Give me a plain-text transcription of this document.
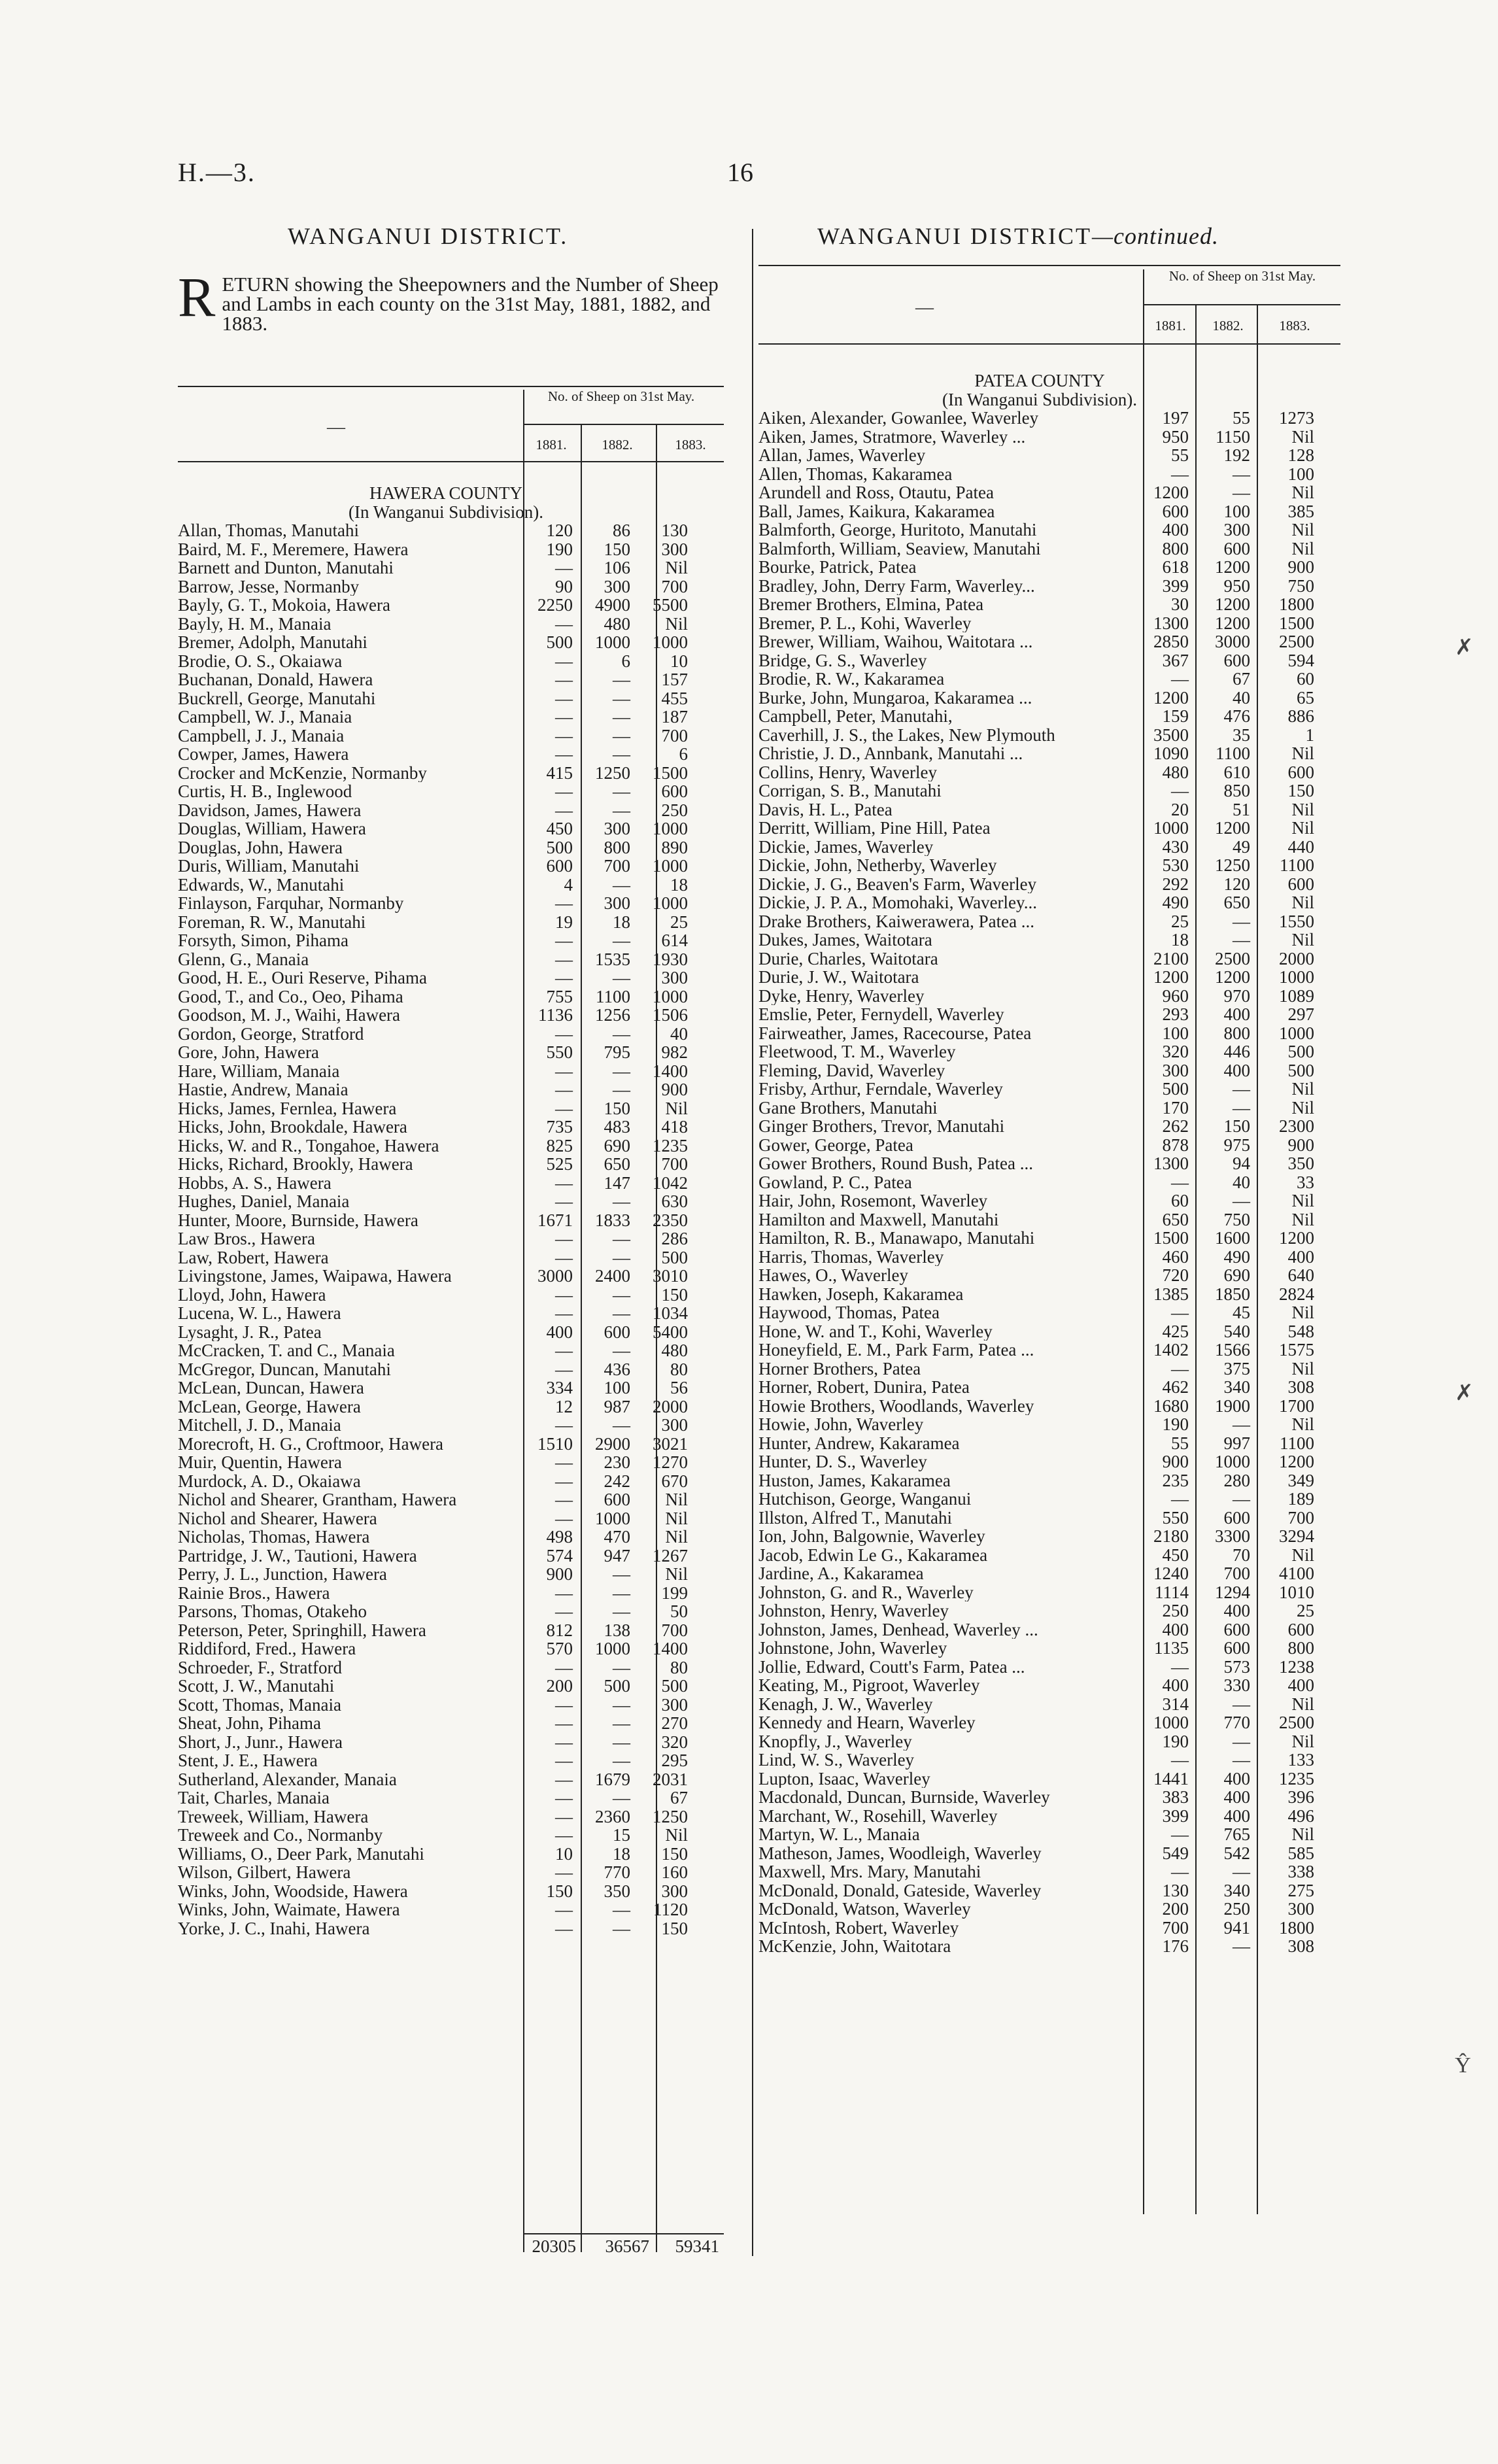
H.—3.	16
WANGANUI DISTRICT.	WANGANUI DISTRICT—continued.
RETURN showing the Sheepowners and the Number of Sheep and Lambs in each county on the 31st May, 1881, 1882, and 1883.
No. of Sheep on 31st May.
1881.	1882.	1883.
—
HAWERA COUNTY
(In Wanganui Subdivision).
Allan, Thomas, Manutahi	120	86	130
Baird, M. F., Meremere, Hawera	190	150	300
Barnett and Dunton, Manutahi	—	106	Nil
Barrow, Jesse, Normanby	90	300	700
Bayly, G. T., Mokoia, Hawera	2250	4900	5500
Bayly, H. M., Manaia	—	480	Nil
Bremer, Adolph, Manutahi	500	1000	1000
Brodie, O. S., Okaiawa	—	6	10
Buchanan, Donald, Hawera	—	—	157
Buckrell, George, Manutahi	—	—	455
Campbell, W. J., Manaia	—	—	187
Campbell, J. J., Manaia	—	—	700
Cowper, James, Hawera	—	—	6
Crocker and McKenzie, Normanby	415	1250	1500
Curtis, H. B., Inglewood	—	—	600
Davidson, James, Hawera	—	—	250
Douglas, William, Hawera	450	300	1000
Douglas, John, Hawera	500	800	890
Duris, William, Manutahi	600	700	1000
Edwards, W., Manutahi	4	—	18
Finlayson, Farquhar, Normanby	—	300	1000
Foreman, R. W., Manutahi	19	18	25
Forsyth, Simon, Pihama	—	—	614
Glenn, G., Manaia	—	1535	1930
Good, H. E., Ouri Reserve, Pihama	—	—	300
Good, T., and Co., Oeo, Pihama	755	1100	1000
Goodson, M. J., Waihi, Hawera	1136	1256	1506
Gordon, George, Stratford	—	—	40
Gore, John, Hawera	550	795	982
Hare, William, Manaia	—	—	1400
Hastie, Andrew, Manaia	—	—	900
Hicks, James, Fernlea, Hawera	—	150	Nil
Hicks, John, Brookdale, Hawera	735	483	418
Hicks, W. and R., Tongahoe, Hawera	825	690	1235
Hicks, Richard, Brookly, Hawera	525	650	700
Hobbs, A. S., Hawera	—	147	1042
Hughes, Daniel, Manaia	—	—	630
Hunter, Moore, Burnside, Hawera	1671	1833	2350
Law Bros., Hawera	—	—	286
Law, Robert, Hawera	—	—	500
Livingstone, James, Waipawa, Hawera	3000	2400	3010
Lloyd, John, Hawera	—	—	150
Lucena, W. L., Hawera	—	—	1034
Lysaght, J. R., Patea	400	600	5400
McCracken, T. and C., Manaia	—	—	480
McGregor, Duncan, Manutahi	—	436	80
McLean, Duncan, Hawera	334	100	56
McLean, George, Hawera	12	987	2000
Mitchell, J. D., Manaia	—	—	300
Morecroft, H. G., Croftmoor, Hawera	1510	2900	3021
Muir, Quentin, Hawera	—	230	1270
Murdock, A. D., Okaiawa	—	242	670
Nichol and Shearer, Grantham, Hawera	—	600	Nil
Nichol and Shearer, Hawera	—	1000	Nil
Nicholas, Thomas, Hawera	498	470	Nil
Partridge, J. W., Tautioni, Hawera	574	947	1267
Perry, J. L., Junction, Hawera	900	—	Nil
Rainie Bros., Hawera	—	—	199
Parsons, Thomas, Otakeho	—	—	50
Peterson, Peter, Springhill, Hawera	812	138	700
Riddiford, Fred., Hawera	570	1000	1400
Schroeder, F., Stratford	—	—	80
Scott, J. W., Manutahi	200	500	500
Scott, Thomas, Manaia	—	—	300
Sheat, John, Pihama	—	—	270
Short, J., Junr., Hawera	—	—	320
Stent, J. E., Hawera	—	—	295
Sutherland, Alexander, Manaia	—	1679	2031
Tait, Charles, Manaia	—	—	67
Treweek, William, Hawera	—	2360	1250
Treweek and Co., Normanby	—	15	Nil
Williams, O., Deer Park, Manutahi	10	18	150
Wilson, Gilbert, Hawera	—	770	160
Winks, John, Woodside, Hawera	150	350	300
Winks, John, Waimate, Hawera	—	—	1120
Yorke, J. C., Inahi, Hawera	—	—	150
20305	36567	59341
No. of Sheep on 31st May.
1881.	1882.	1883.
—
PATEA COUNTY
(In Wanganui Subdivision).
Aiken, Alexander, Gowanlee, Waverley	197	55	1273
Aiken, James, Stratmore, Waverley ...	950	1150	Nil
Allan, James, Waverley	55	192	128
Allen, Thomas, Kakaramea	—	—	100
Arundell and Ross, Otautu, Patea	1200	—	Nil
Ball, James, Kaikura, Kakaramea	600	100	385
Balmforth, George, Huritoto, Manutahi	400	300	Nil
Balmforth, William, Seaview, Manutahi	800	600	Nil
Bourke, Patrick, Patea	618	1200	900
Bradley, John, Derry Farm, Waverley...	399	950	750
Bremer Brothers, Elmina, Patea	30	1200	1800
Bremer, P. L., Kohi, Waverley	1300	1200	1500
Brewer, William, Waihou, Waitotara ...	2850	3000	2500
Bridge, G. S., Waverley	367	600	594
Brodie, R. W., Kakaramea	—	67	60
Burke, John, Mungaroa, Kakaramea ...	1200	40	65
Campbell, Peter, Manutahi,	159	476	886
Caverhill, J. S., the Lakes, New Plymouth	3500	35	1
Christie, J. D., Annbank, Manutahi ...	1090	1100	Nil
Collins, Henry, Waverley	480	610	600
Corrigan, S. B., Manutahi	—	850	150
Davis, H. L., Patea	20	51	Nil
Derritt, William, Pine Hill, Patea	1000	1200	Nil
Dickie, James, Waverley	430	49	440
Dickie, John, Netherby, Waverley	530	1250	1100
Dickie, J. G., Beaven's Farm, Waverley	292	120	600
Dickie, J. P. A., Momohaki, Waverley...	490	650	Nil
Drake Brothers, Kaiwerawera, Patea ...	25	—	1550
Dukes, James, Waitotara	18	—	Nil
Durie, Charles, Waitotara	2100	2500	2000
Durie, J. W., Waitotara	1200	1200	1000
Dyke, Henry, Waverley	960	970	1089
Emslie, Peter, Fernydell, Waverley	293	400	297
Fairweather, James, Racecourse, Patea	100	800	1000
Fleetwood, T. M., Waverley	320	446	500
Fleming, David, Waverley	300	400	500
Frisby, Arthur, Ferndale, Waverley	500	—	Nil
Gane Brothers, Manutahi	170	—	Nil
Ginger Brothers, Trevor, Manutahi	262	150	2300
Gower, George, Patea	878	975	900
Gower Brothers, Round Bush, Patea ...	1300	94	350
Gowland, P. C., Patea	—	40	33
Hair, John, Rosemont, Waverley	60	—	Nil
Hamilton and Maxwell, Manutahi	650	750	Nil
Hamilton, R. B., Manawapo, Manutahi	1500	1600	1200
Harris, Thomas, Waverley	460	490	400
Hawes, O., Waverley	720	690	640
Hawken, Joseph, Kakaramea	1385	1850	2824
Haywood, Thomas, Patea	—	45	Nil
Hone, W. and T., Kohi, Waverley	425	540	548
Honeyfield, E. M., Park Farm, Patea ...	1402	1566	1575
Horner Brothers, Patea	—	375	Nil
Horner, Robert, Dunira, Patea	462	340	308
Howie Brothers, Woodlands, Waverley	1680	1900	1700
Howie, John, Waverley	190	—	Nil
Hunter, Andrew, Kakaramea	55	997	1100
Hunter, D. S., Waverley	900	1000	1200
Huston, James, Kakaramea	235	280	349
Hutchison, George, Wanganui	—	—	189
Illston, Alfred T., Manutahi	550	600	700
Ion, John, Balgownie, Waverley	2180	3300	3294
Jacob, Edwin Le G., Kakaramea	450	70	Nil
Jardine, A., Kakaramea	1240	700	4100
Johnston, G. and R., Waverley	1114	1294	1010
Johnston, Henry, Waverley	250	400	25
Johnston, James, Denhead, Waverley ...	400	600	600
Johnstone, John, Waverley	1135	600	800
Jollie, Edward, Coutt's Farm, Patea ...	—	573	1238
Keating, M., Pigroot, Waverley	400	330	400
Kenagh, J. W., Waverley	314	—	Nil
Kennedy and Hearn, Waverley	1000	770	2500
Knopfly, J., Waverley	190	—	Nil
Lind, W. S., Waverley	—	—	133
Lupton, Isaac, Waverley	1441	400	1235
Macdonald, Duncan, Burnside, Waverley	383	400	396
Marchant, W., Rosehill, Waverley	399	400	496
Martyn, W. L., Manaia	—	765	Nil
Matheson, James, Woodleigh, Waverley	549	542	585
Maxwell, Mrs. Mary, Manutahi	—	—	338
McDonald, Donald, Gateside, Waverley	130	340	275
McDonald, Watson, Waverley	200	250	300
McIntosh, Robert, Waverley	700	941	1800
McKenzie, John, Waitotara	176	—	308
✗
✗
Ŷ
